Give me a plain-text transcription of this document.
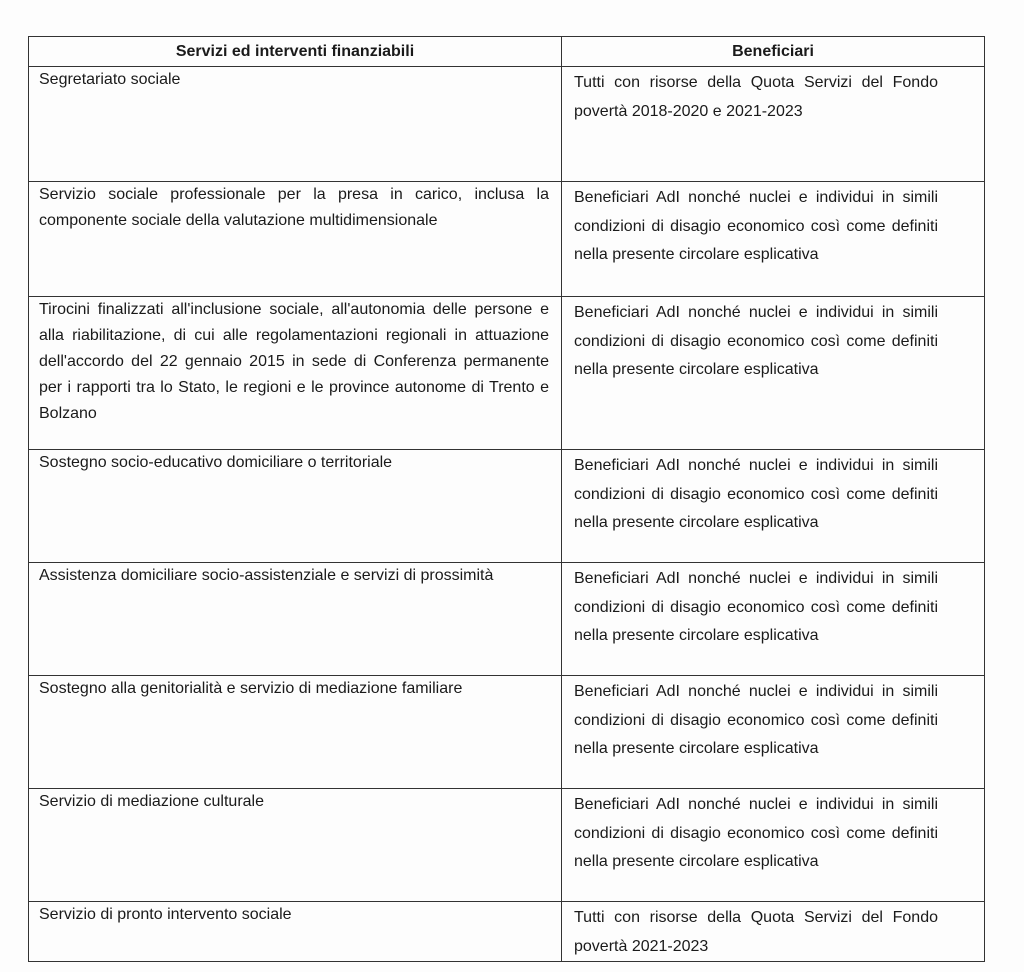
Servizi ed interventi finanziabili	Beneficiari
Segretariato sociale	Tutti con risorse della Quota Servizi del Fondo povertà 2018-2020 e 2021-2023
Servizio sociale professionale per la presa in carico, inclusa la componente sociale della valutazione multidimensionale	Beneficiari AdI nonché nuclei e individui in simili condizioni di disagio economico così come definiti nella presente circolare esplicativa
Tirocini finalizzati all'inclusione sociale, all'autonomia delle persone e alla riabilitazione, di cui alle regolamentazioni regionali in attuazione dell'accordo del 22 gennaio 2015 in sede di Conferenza permanente per i rapporti tra lo Stato, le regioni e le province autonome di Trento e Bolzano	Beneficiari AdI nonché nuclei e individui in simili condizioni di disagio economico così come definiti nella presente circolare esplicativa
Sostegno socio-educativo domiciliare o territoriale	Beneficiari AdI nonché nuclei e individui in simili condizioni di disagio economico così come definiti nella presente circolare esplicativa
Assistenza domiciliare socio-assistenziale e servizi di prossimità	Beneficiari AdI nonché nuclei e individui in simili condizioni di disagio economico così come definiti nella presente circolare esplicativa
Sostegno alla genitorialità e servizio di mediazione familiare	Beneficiari AdI nonché nuclei e individui in simili condizioni di disagio economico così come definiti nella presente circolare esplicativa
Servizio di mediazione culturale	Beneficiari AdI nonché nuclei e individui in simili condizioni di disagio economico così come definiti nella presente circolare esplicativa
Servizio di pronto intervento sociale	Tutti con risorse della Quota Servizi del Fondo povertà 2021-2023
